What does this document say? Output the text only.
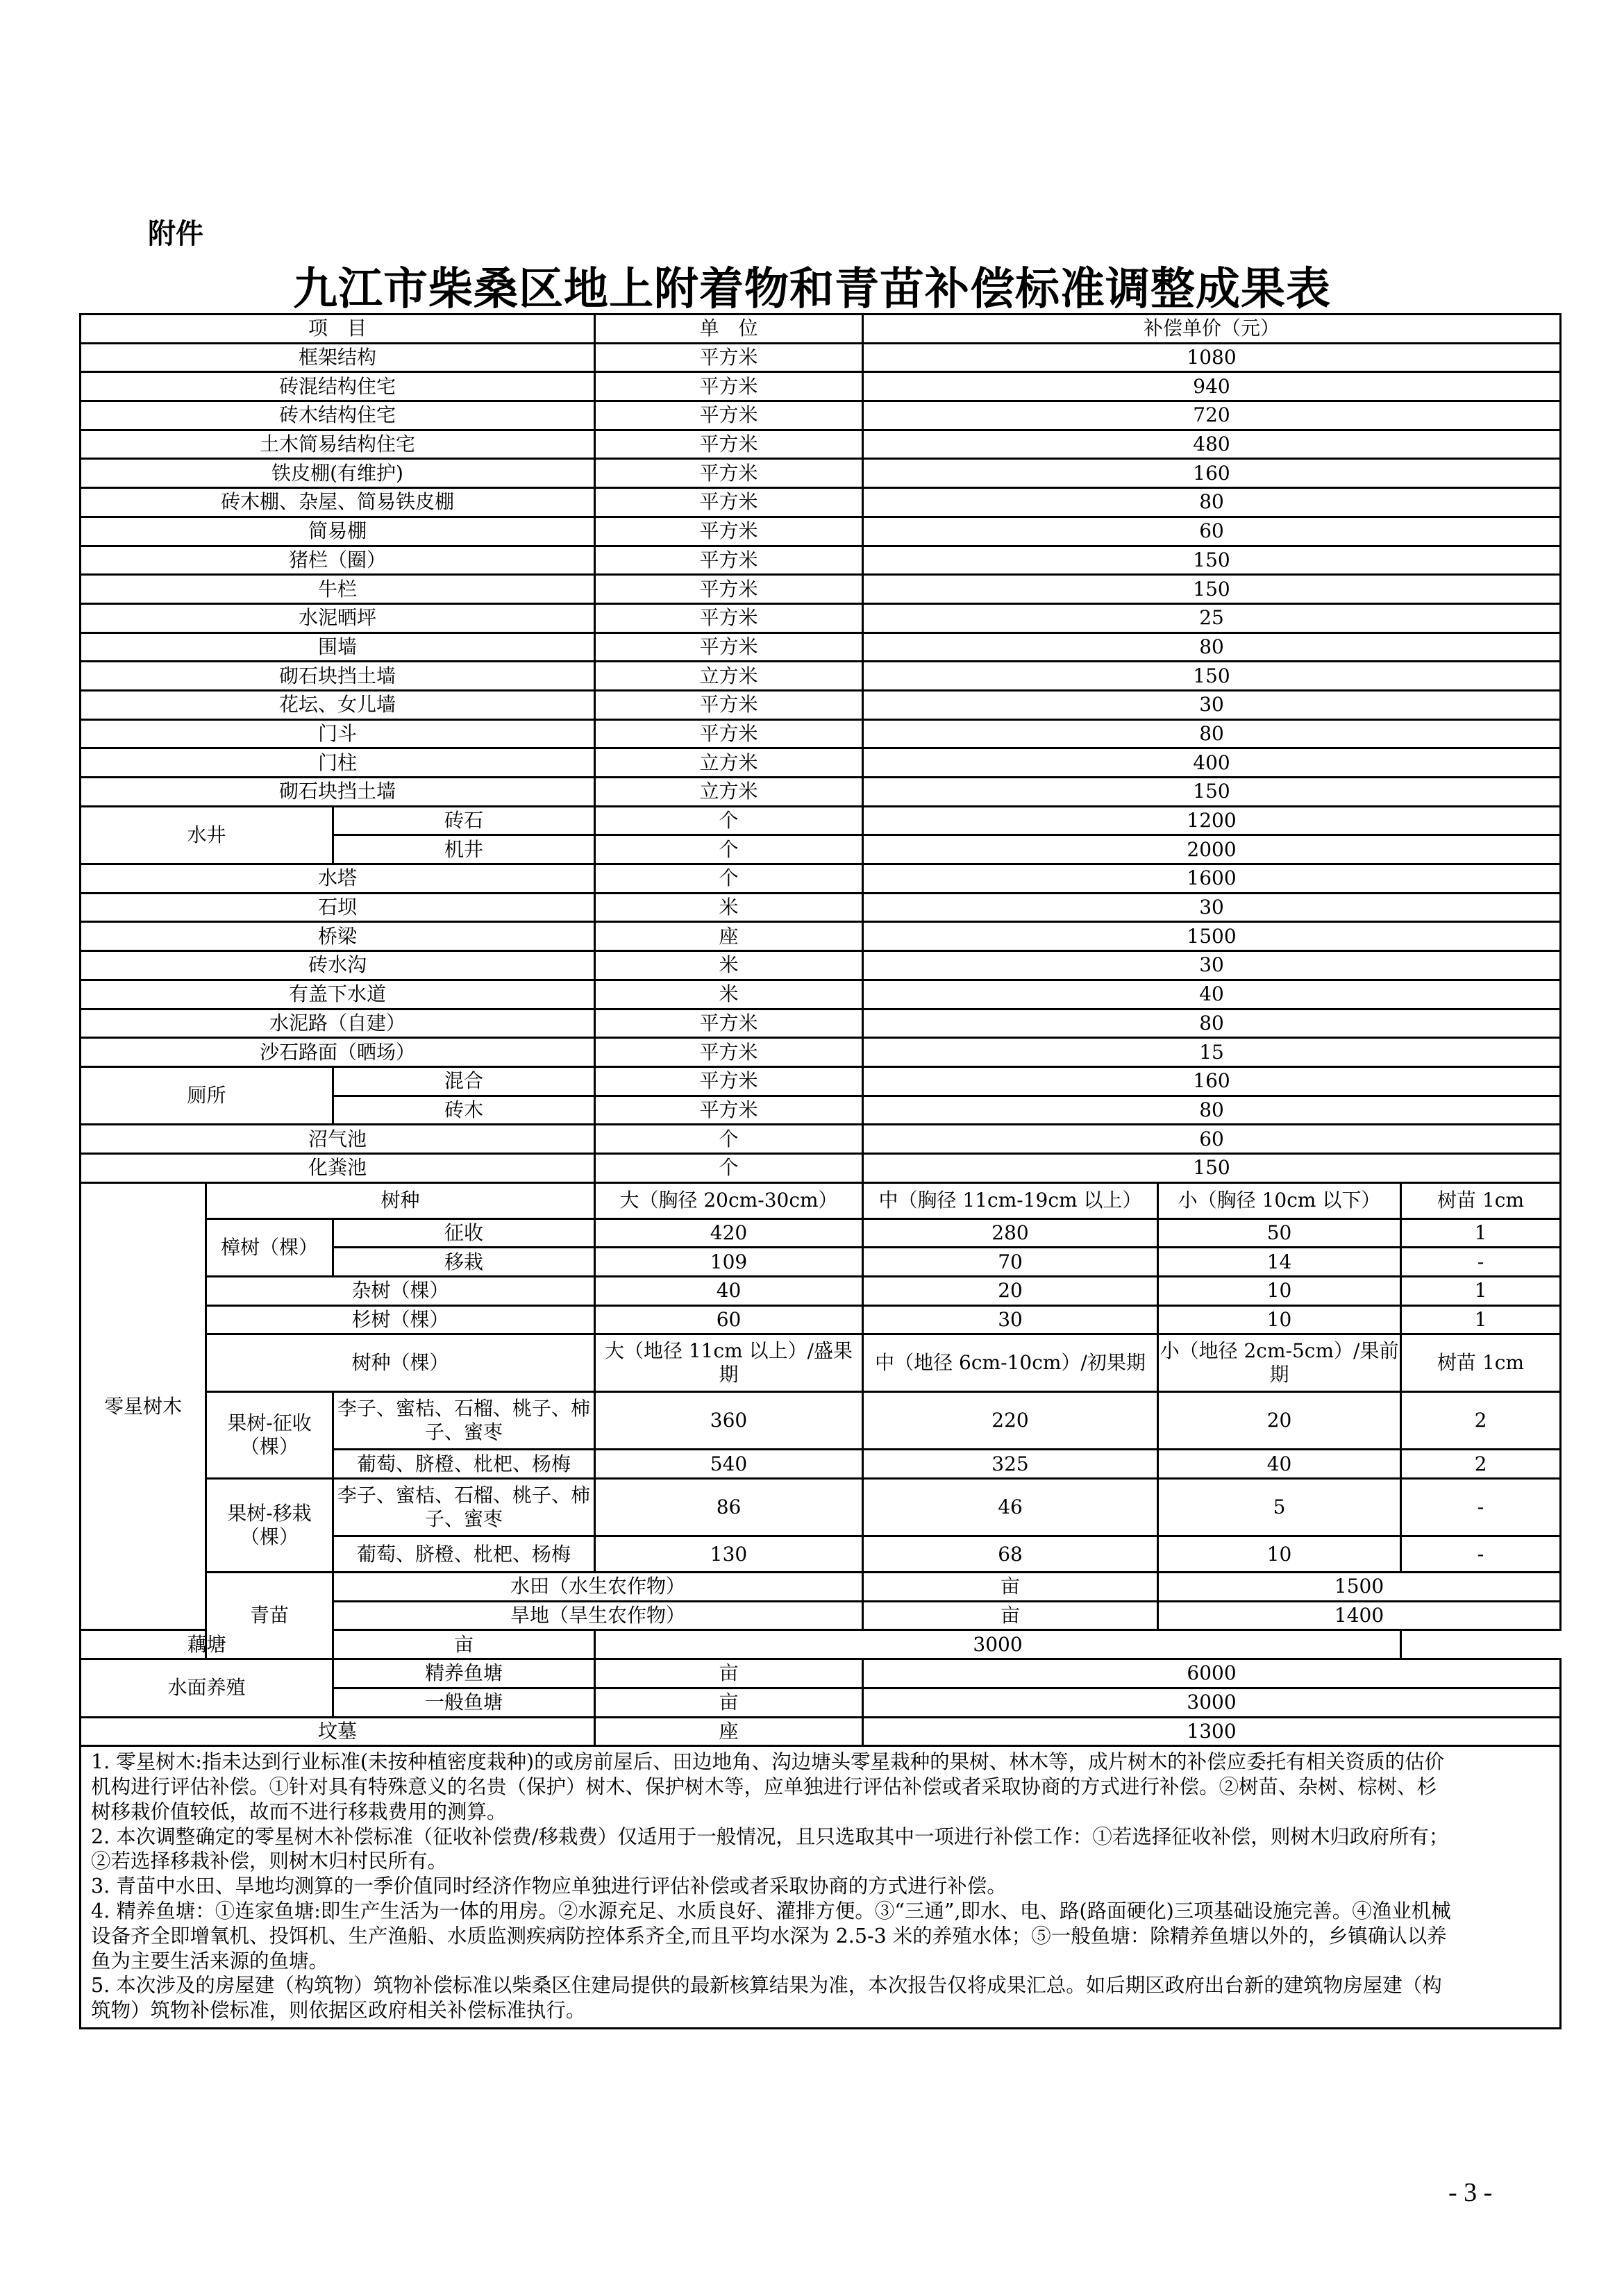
附件
九江市柴桑区地上附着物和青苗补偿标准调整成果表
项　目			单　位	补偿单价（元）		
框架结构			平方米	1080		
砖混结构住宅			平方米	940		
砖木结构住宅			平方米	720		
土木简易结构住宅			平方米	480		
铁皮棚(有维护)			平方米	160		
砖木棚、杂屋、简易铁皮棚			平方米	80		
简易棚			平方米	60		
猪栏（圈）			平方米	150		
牛栏			平方米	150		
水泥晒坪			平方米	25		
围墙			平方米	80		
砌石块挡土墙			立方米	150		
花坛、女儿墙			平方米	30		
门斗			平方米	80		
门柱			立方米	400		
砌石块挡土墙			立方米	150		
水井		砖石	个	1200		
		机井	个	2000		
水塔			个	1600		
石坝			米	30		
桥梁			座	1500		
砖水沟			米	30		
有盖下水道			米	40		
水泥路（自建）			平方米	80		
沙石路面（晒场）			平方米	15		
厕所		混合	平方米	160		
		砖木	平方米	80		
沼气池			个	60		
化粪池			个	150		
零星树木	树种		大（胸径 20cm-30cm）	中（胸径 11cm-19cm 以上）	小（胸径 10cm 以下）	树苗 1cm
	樟树（棵）	征收	420	280	50	1
		移栽	109	70	14	-
	杂树（棵）		40	20	10	1
	杉树（棵）		60	30	10	1
	树种（棵）		大（地径 11cm 以上）/盛果期	中（地径 6cm-10cm）/初果期	小（地径 2cm-5cm）/果前期	树苗 1cm
	果树-征收（棵）	李子、蜜桔、石榴、桃子、柿子、蜜枣	360	220	20	2
		葡萄、脐橙、枇杷、杨梅	540	325	40	2
	果树-移栽（棵）	李子、蜜桔、石榴、桃子、柿子、蜜枣	86	46	5	-
		葡萄、脐橙、枇杷、杨梅	130	68	10	-
	青苗	水田（水生农作物）		亩	1500	
		旱地（旱生农作物）		亩	1400	
藕塘		亩	3000			
水面养殖		精养鱼塘	亩	6000		
		一般鱼塘	亩	3000		
坟墓			座	1300		

1. 零星树木:指未达到行业标准(未按种植密度栽种)的或房前屋后、田边地角、沟边塘头零星栽种的果树、林木等，成片树木的补偿应委托有相关资质的估价
机构进行评估补偿。①针对具有特殊意义的名贵（保护）树木、保护树木等，应单独进行评估补偿或者采取协商的方式进行补偿。②树苗、杂树、棕树、杉
树移栽价值较低，故而不进行移栽费用的测算。
2. 本次调整确定的零星树木补偿标准（征收补偿费/移栽费）仅适用于一般情况，且只选取其中一项进行补偿工作：①若选择征收补偿，则树木归政府所有；
②若选择移栽补偿，则树木归村民所有。
3. 青苗中水田、旱地均测算的一季价值同时经济作物应单独进行评估补偿或者采取协商的方式进行补偿。
4. 精养鱼塘：①连家鱼塘:即生产生活为一体的用房。②水源充足、水质良好、灌排方便。③“三通”,即水、电、路(路面硬化)三项基础设施完善。④渔业机械
设备齐全即增氧机、投饵机、生产渔船、水质监测疾病防控体系齐全,而且平均水深为 2.5-3 米的养殖水体；⑤一般鱼塘：除精养鱼塘以外的，乡镇确认以养
鱼为主要生活来源的鱼塘。
5. 本次涉及的房屋建（构筑物）筑物补偿标准以柴桑区住建局提供的最新核算结果为准，本次报告仅将成果汇总。如后期区政府出台新的建筑物房屋建（构
筑物）筑物补偿标准，则依据区政府相关补偿标准执行。
- 3 -
